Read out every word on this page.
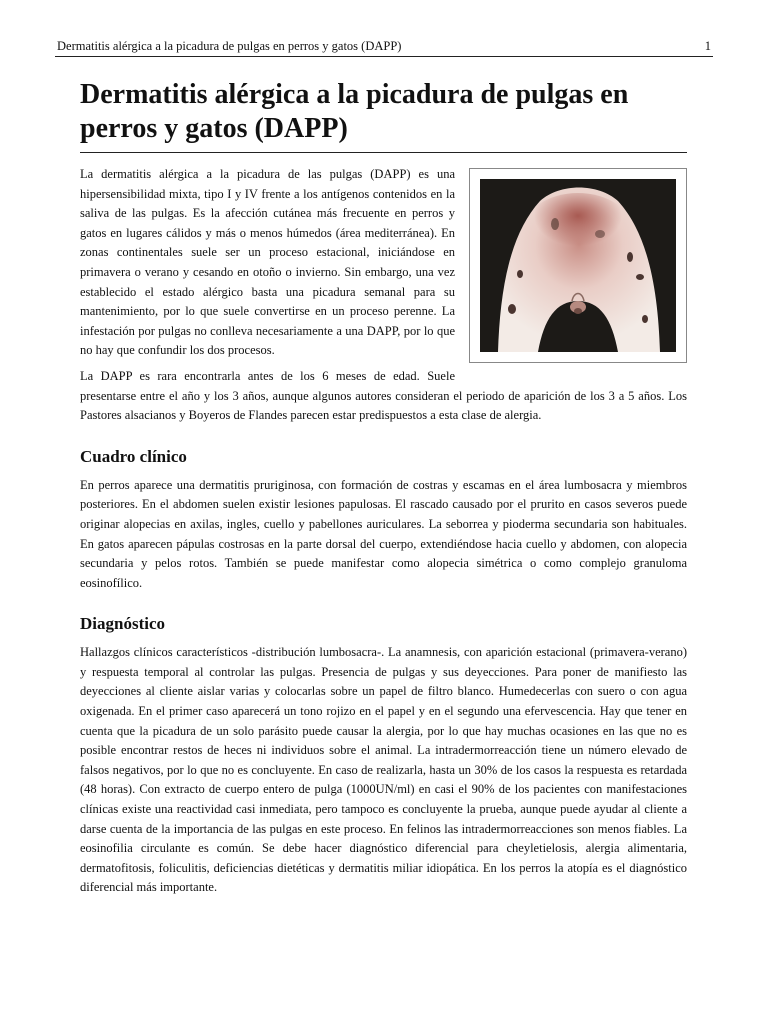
Dermatitis alérgica a la picadura de pulgas en perros y gatos (DAPP)	1
Dermatitis alérgica a la picadura de pulgas en perros y gatos (DAPP)

La dermatitis alérgica a la picadura de las pulgas (DAPP) es una hipersensibilidad mixta, tipo I y IV frente a los antígenos contenidos en la saliva de las pulgas. Es la afección cutánea más frecuente en perros y gatos en lugares cálidos y más o menos húmedos (área mediterránea). En zonas continentales suele ser un proceso estacional, iniciándose en primavera o verano y cesando en otoño o invierno. Sin embargo, una vez establecido el estado alérgico basta una picadura semanal para su mantenimiento, por lo que suele convertirse en un proceso perenne. La infestación por pulgas no conlleva necesariamente a una DAPP, por lo que no hay que confundir los dos procesos.

La DAPP es rara encontrarla antes de los 6 meses de edad. Suele presentarse entre el año y los 3 años, aunque algunos autores consideran el periodo de aparición de los 3 a 5 años. Los Pastores alsacianos y Boyeros de Flandes parecen estar predispuestos a esta clase de alergia.

Cuadro clínico

En perros aparece una dermatitis pruriginosa, con formación de costras y escamas en el área lumbosacra y miembros posteriores. En el abdomen suelen existir lesiones papulosas. El rascado causado por el prurito en casos severos puede originar alopecias en axilas, ingles, cuello y pabellones auriculares. La seborrea y pioderma secundaria son habituales. En gatos aparecen pápulas costrosas en la parte dorsal del cuerpo, extendiéndose hacia cuello y abdomen, con alopecia secundaria y pelos rotos. También se puede manifestar como alopecia simétrica o como complejo granuloma eosinofílico.

Diagnóstico

Hallazgos clínicos característicos -distribución lumbosacra-. La anamnesis, con aparición estacional (primavera-verano) y respuesta temporal al controlar las pulgas. Presencia de pulgas y sus deyecciones. Para poner de manifiesto las deyecciones al cliente aislar varias y colocarlas sobre un papel de filtro blanco. Humedecerlas con suero o con agua oxigenada. En el primer caso aparecerá un tono rojizo en el papel y en el segundo una efervescencia. Hay que tener en cuenta que la picadura de un solo parásito puede causar la alergia, por lo que hay muchas ocasiones en las que no es posible encontrar restos de heces ni individuos sobre el animal. La intradermorreacción tiene un número elevado de falsos negativos, por lo que no es concluyente. En caso de realizarla, hasta un 30% de los casos la respuesta es retardada (48 horas). Con extracto de cuerpo entero de pulga (1000UN/ml) en casi el 90% de los pacientes con manifestaciones clínicas existe una reactividad casi inmediata, pero tampoco es concluyente la prueba, aunque puede ayudar al cliente a darse cuenta de la importancia de las pulgas en este proceso. En felinos las intradermorreacciones son menos fiables. La eosinofilia circulante es común. Se debe hacer diagnóstico diferencial para cheyletielosis, alergia alimentaria, dermatofitosis, foliculitis, deficiencias dietéticas y dermatitis miliar idiopática. En los perros la atopía es el diagnóstico diferencial más importante.
